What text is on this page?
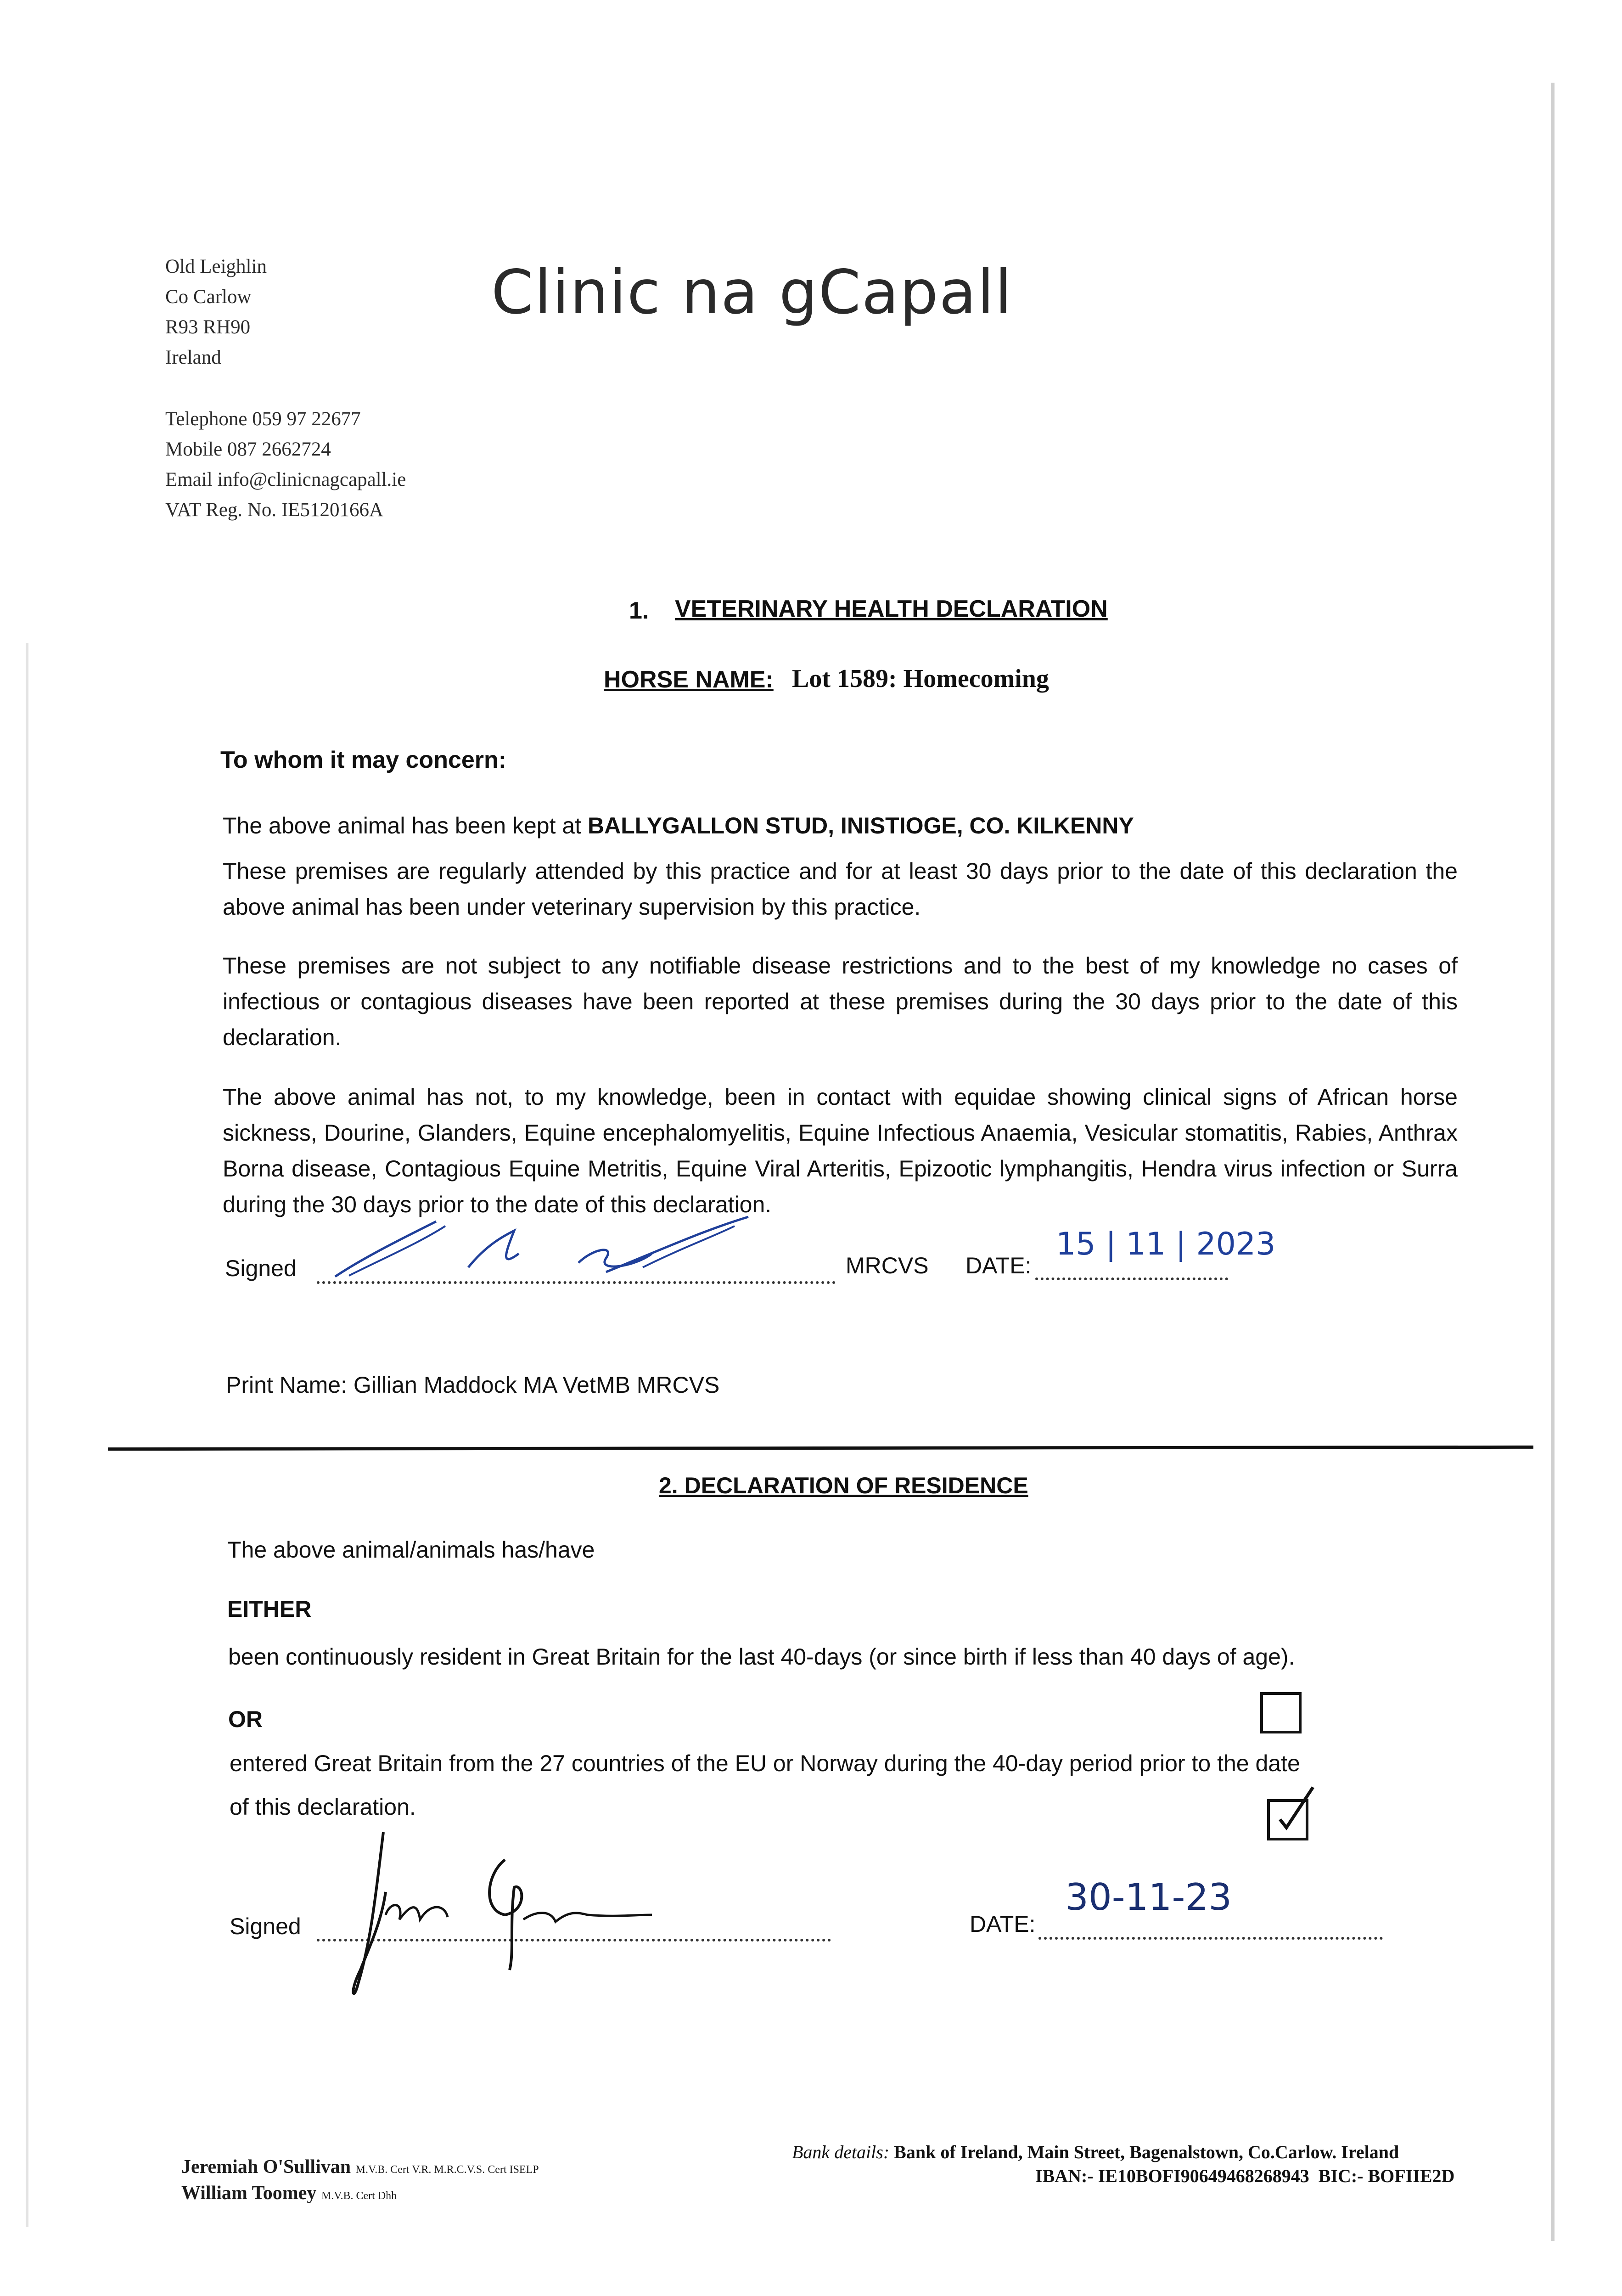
Old Leighlin
Co Carlow
R93 RH90
Ireland
Telephone 059 97 22677
Mobile 087 2662724
Email info@clinicnagcapall.ie
VAT Reg. No. IE5120166A
Clinic na gCapall
1. VETERINARY HEALTH DECLARATION
HORSE NAME: Lot 1589: Homecoming
To whom it may concern:
The above animal has been kept at BALLYGALLON STUD, INISTIOGE, CO. KILKENNY
These premises are regularly attended by this practice and for at least 30 days prior to the date of this declaration the above animal has been under veterinary supervision by this practice.
These premises are not subject to any notifiable disease restrictions and to the best of my knowledge no cases of infectious or contagious diseases have been reported at these premises during the 30 days prior to the date of this declaration.
The above animal has not, to my knowledge, been in contact with equidae showing clinical signs of African horse sickness, Dourine, Glanders, Equine encephalomyelitis, Equine Infectious Anaemia, Vesicular stomatitis, Rabies, Anthrax Borna disease, Contagious Equine Metritis, Equine Viral Arteritis, Epizootic lymphangitis, Hendra virus infection or Surra during the 30 days prior to the date of this declaration.
Signed	MRCVS DATE:
15 | 11 | 2023
Print Name: Gillian Maddock MA VetMB MRCVS
2. DECLARATION OF RESIDENCE
The above animal/animals has/have
EITHER
been continuously resident in Great Britain for the last 40-days (or since birth if less than 40 days of age).
OR
entered Great Britain from the 27 countries of the EU or Norway during the 40-day period prior to the date
of this declaration.
Signed	DATE:
30-11-23
Jeremiah O'Sullivan M.V.B. Cert V.R. M.R.C.V.S. Cert ISELP
William Toomey M.V.B. Cert Dhh
Bank details: Bank of Ireland, Main Street, Bagenalstown, Co.Carlow. Ireland
IBAN:- IE10BOFI90649468268943 BIC:- BOFIIE2D
